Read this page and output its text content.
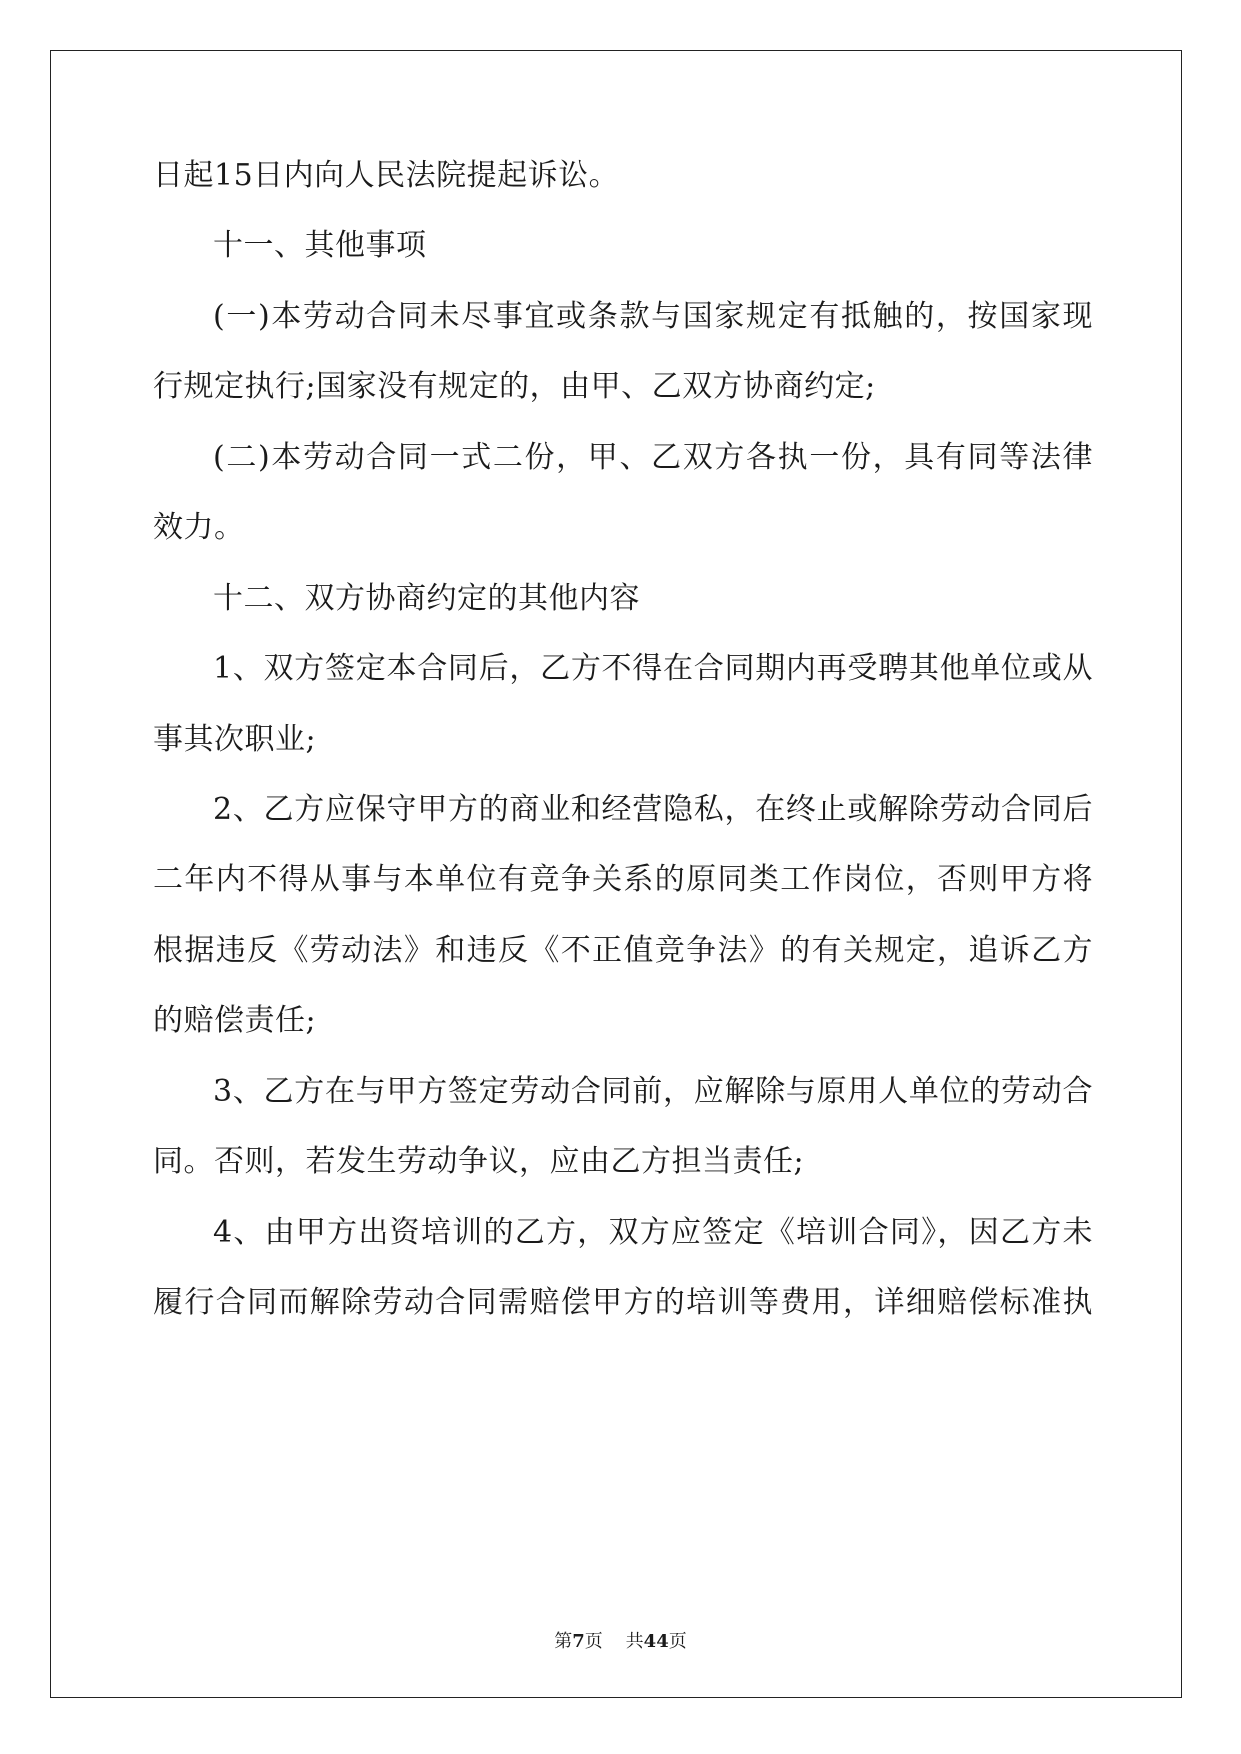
日起15日内向人民法院提起诉讼。
十一、其他事项
(一)本劳动合同未尽事宜或条款与国家规定有抵触的，按国家现
行规定执行;国家没有规定的，由甲、乙双方协商约定;
(二)本劳动合同一式二份，甲、乙双方各执一份，具有同等法律
效力。
十二、双方协商约定的其他内容
1、双方签定本合同后，乙方不得在合同期内再受聘其他单位或从
事其次职业;
2、乙方应保守甲方的商业和经营隐私，在终止或解除劳动合同后
二年内不得从事与本单位有竞争关系的原同类工作岗位，否则甲方将
根据违反《劳动法》和违反《不正值竞争法》的有关规定，追诉乙方
的赔偿责任;
3、乙方在与甲方签定劳动合同前，应解除与原用人单位的劳动合
同。否则，若发生劳动争议，应由乙方担当责任;
4、由甲方出资培训的乙方，双方应签定《培训合同》，因乙方未
履行合同而解除劳动合同需赔偿甲方的培训等费用，详细赔偿标准执
第7页 共44页
